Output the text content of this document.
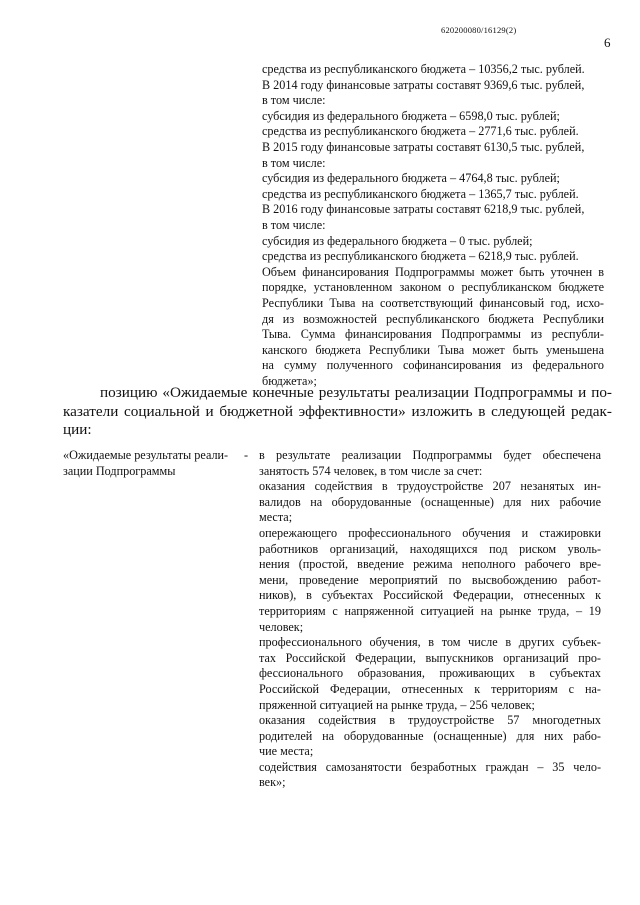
620200080/16129(2)
6
средства из республиканского бюджета – 10356,2 тыс. рублей.
В 2014 году финансовые затраты составят 9369,6 тыс. рублей,
в том числе:
субсидия из федерального бюджета – 6598,0 тыс. рублей;
средства из республиканского бюджета – 2771,6 тыс. рублей.
В 2015 году финансовые затраты составят 6130,5 тыс. рублей,
в том числе:
субсидия из федерального бюджета – 4764,8 тыс. рублей;
средства из республиканского бюджета – 1365,7 тыс. рублей.
В 2016 году финансовые затраты составят 6218,9 тыс. рублей,
в том числе:
субсидия из федерального бюджета – 0 тыс. рублей;
средства из республиканского бюджета – 6218,9 тыс. рублей.
Объем финансирования Подпрограммы может быть уточнен в
порядке, установленном законом о республиканском бюджете
Республики Тыва на соответствующий финансовый год, исхо-
дя из возможностей республиканского бюджета Республики
Тыва. Сумма финансирования Подпрограммы из республи-
канского бюджета Республики Тыва может быть уменьшена
на сумму полученного софинансирования из федерального
бюджета»;
позицию «Ожидаемые конечные результаты реализации Подпрограммы и по-
казатели социальной и бюджетной эффективности» изложить в следующей редак-
ции:
«Ожидаемые результаты реали-
зации Подпрограммы
- в результате реализации Подпрограммы будет обеспечена
занятость 574 человек, в том числе за счет:
оказания содействия в трудоустройстве 207 незанятых ин-
валидов на оборудованные (оснащенные) для них рабочие
места;
опережающего профессионального обучения и стажировки
работников организаций, находящихся под риском уволь-
нения (простой, введение режима неполного рабочего вре-
мени, проведение мероприятий по высвобождению работ-
ников), в субъектах Российской Федерации, отнесенных к
территориям с напряженной ситуацией на рынке труда, – 19
человек;
профессионального обучения, в том числе в других субъек-
тах Российской Федерации, выпускников организаций про-
фессионального образования, проживающих в субъектах
Российской Федерации, отнесенных к территориям с на-
пряженной ситуацией на рынке труда, – 256 человек;
оказания содействия в трудоустройстве 57 многодетных
родителей на оборудованные (оснащенные) для них рабо-
чие места;
содействия самозанятости безработных граждан – 35 чело-
век»;
